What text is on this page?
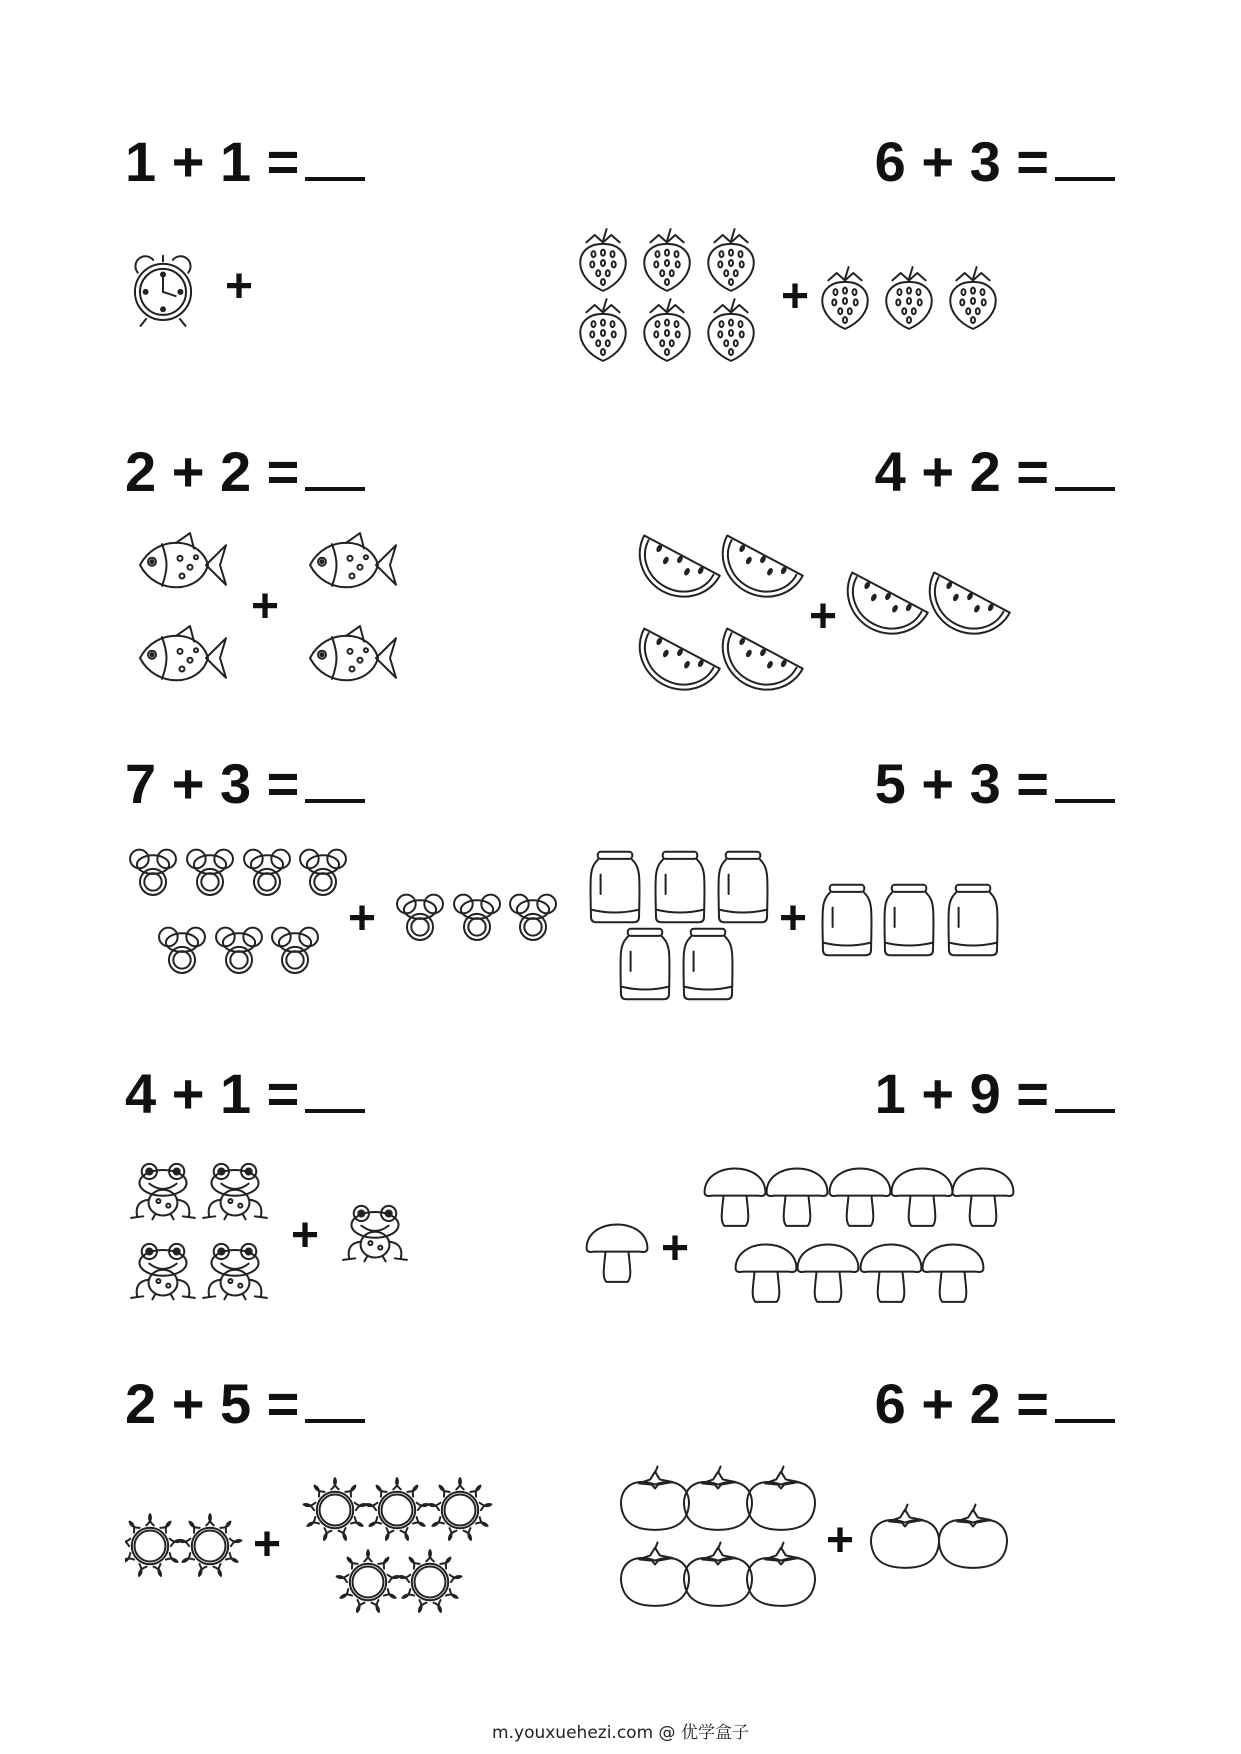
1 + 1 =
+
6 + 3 =
+
2 + 2 =
+
4 + 2 =
+
7 + 3 =
+
5 + 3 =
+
4 + 1 =
+
1 + 9 =
+
2 + 5 =
+
6 + 2 =
+
m.youxuehezi.com @ 优学盒子
